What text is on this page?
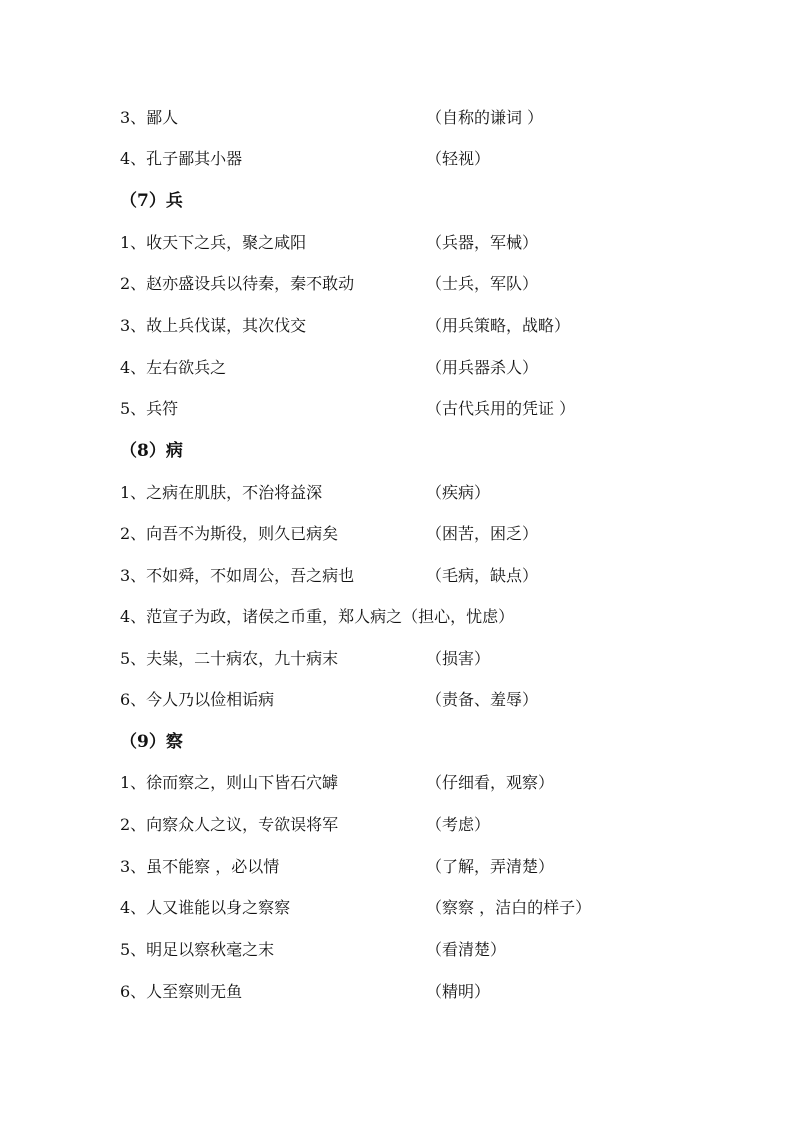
3、鄙人	（自称的谦词 ）
4、孔子鄙其小器	（轻视）
（7）兵
1、收天下之兵，聚之咸阳	（兵器，军械）
2、赵亦盛设兵以待秦，秦不敢动	（士兵，军队）
3、故上兵伐谋，其次伐交	（用兵策略，战略）
4、左右欲兵之	（用兵器杀人）
5、兵符	（古代兵用的凭证 ）
（8）病
1、之病在肌肤，不治将益深	（疾病）
2、向吾不为斯役，则久已病矣	（困苦，困乏）
3、不如舜，不如周公，吾之病也	（毛病，缺点）
4、范宣子为政，诸侯之币重，郑人病之（担心，忧虑）
5、夫粜，二十病农，九十病末	（损害）
6、今人乃以俭相诟病	（责备、羞辱）
（9）察
1、徐而察之，则山下皆石穴罅	（仔细看，观察）
2、向察众人之议，专欲误将军	（考虑）
3、虽不能察 ，必以情	（了解，弄清楚）
4、人又谁能以身之察察	（察察 ，洁白的样子）
5、明足以察秋毫之末	（看清楚）
6、人至察则无鱼	（精明）
